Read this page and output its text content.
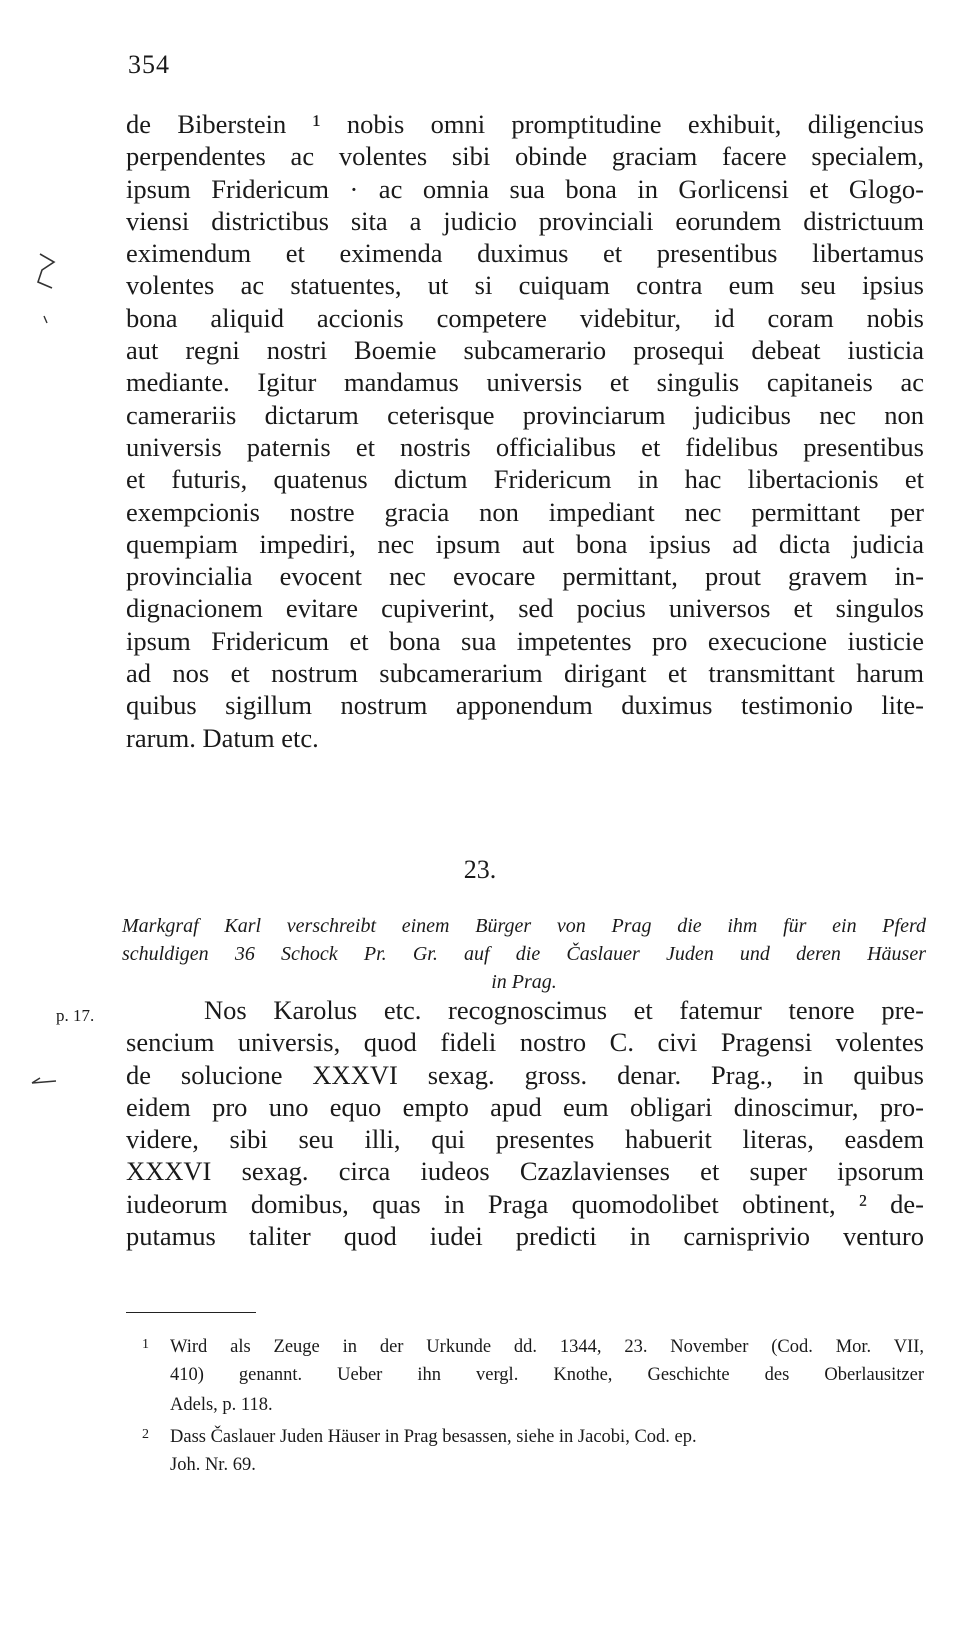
354
de Biberstein ¹ nobis omni promptitudine exhibuit, diligencius
perpendentes ac volentes sibi obinde graciam facere specialem,
ipsum Fridericum · ac omnia sua bona in Gorlicensi et Glogo-
viensi districtibus sita a judicio provinciali eorundem districtuum
eximendum et eximenda duximus et presentibus libertamus
volentes ac statuentes, ut si cuiquam contra eum seu ipsius
bona aliquid accionis competere videbitur, id coram nobis
aut regni nostri Boemie subcamerario prosequi debeat iusticia
mediante. Igitur mandamus universis et singulis capitaneis ac
camerariis dictarum ceterisque provinciarum judicibus nec non
universis paternis et nostris officialibus et fidelibus presentibus
et futuris, quatenus dictum Fridericum in hac libertacionis et
exempcionis nostre gracia non impediant nec permittant per
quempiam impediri, nec ipsum aut bona ipsius ad dicta judicia
provincialia evocent nec evocare permittant, prout gravem in-
dignacionem evitare cupiverint, sed pocius universos et singulos
ipsum Fridericum et bona sua impetentes pro execucione iusticie
ad nos et nostrum subcamerarium dirigant et transmittant harum
quibus sigillum nostrum apponendum duximus testimonio lite-
rarum. Datum etc.
23.
Markgraf Karl verschreibt einem Bürger von Prag die ihm für ein Pferd
schuldigen 36 Schock Pr. Gr. auf die Časlauer Juden und deren Häuser
in Prag.
p. 17.	Nos Karolus etc. recognoscimus et fatemur tenore pre-
sencium universis, quod fideli nostro C. civi Pragensi volentes
de solucione XXXVI sexag. gross. denar. Prag., in quibus
eidem pro uno equo empto apud eum obligari dinoscimur, pro-
videre, sibi seu illi, qui presentes habuerit literas, easdem
XXXVI sexag. circa iudeos Czazlavienses et super ipsorum
iudeorum domibus, quas in Praga quomodolibet obtinent, ² de-
putamus taliter quod iudei predicti in carnisprivio venturo
1 Wird als Zeuge in der Urkunde dd. 1344, 23. November (Cod. Mor. VII,
410) genannt. Ueber ihn vergl. Knothe, Geschichte des Oberlausitzer
Adels, p. 118.
2 Dass Časlauer Juden Häuser in Prag besassen, siehe in Jacobi, Cod. ep.
Joh. Nr. 69.
